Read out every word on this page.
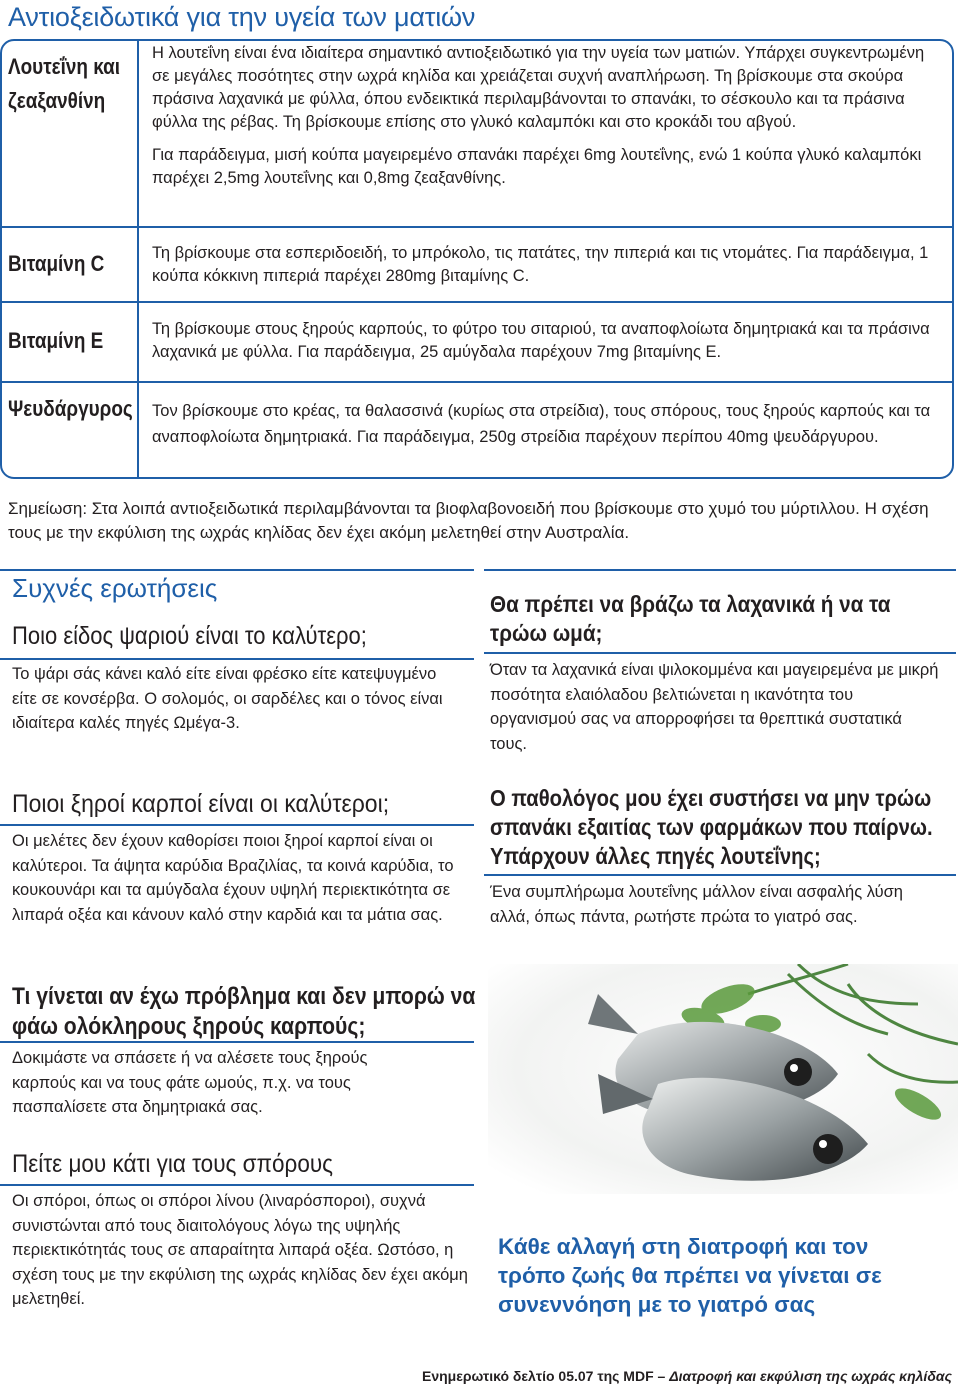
Αντιοξειδωτικά για την υγεία των ματιών
Λουτεΐνη και
ζεαξανθίνη

Η λουτεΐνη είναι ένα ιδιαίτερα σημαντικό αντιοξειδωτικό για την υγεία των ματιών. Υπάρχει συγκεντρωμένη σε μεγάλες ποσότητες στην ωχρά κηλίδα και χρειάζεται συχνή αναπλήρωση. Τη βρίσκουμε στα σκούρα πράσινα λαχανικά με φύλλα, όπου ενδεικτικά περιλαμβάνονται το σπανάκι, το σέσκουλο και τα πράσινα φύλλα της ρέβας. Τη βρίσκουμε επίσης στο γλυκό καλαμπόκι και στο κροκάδι του αβγού.

Για παράδειγμα, μισή κούπα μαγειρεμένο σπανάκι παρέχει 6mg λουτεΐνης, ενώ 1 κούπα γλυκό καλαμπόκι παρέχει 2,5mg λουτεΐνης και 0,8mg ζεαξανθίνης.

Βιταμίνη C	Τη βρίσκουμε στα εσπεριδοειδή, το μπρόκολο, τις πατάτες, την πιπεριά και τις ντομάτες. Για παράδειγμα, 1 κούπα κόκκινη πιπεριά παρέχει 280mg βιταμίνης C.

Βιταμίνη Ε	Τη βρίσκουμε στους ξηρούς καρπούς, το φύτρο του σιταριού, τα αναποφλοίωτα δημητριακά και τα πράσινα λαχανικά με φύλλα. Για παράδειγμα, 25 αμύγδαλα παρέχουν 7mg βιταμίνης Ε.

Ψευδάργυρος Τον βρίσκουμε στο κρέας, τα θαλασσινά (κυρίως στα στρείδια), τους σπόρους, τους ξηρούς καρπούς και τα αναποφλοίωτα δημητριακά. Για παράδειγμα, 250g στρείδια παρέχουν περίπου 40mg ψευδάργυρου.

Σημείωση: Στα λοιπά αντιοξειδωτικά περιλαμβάνονται τα βιοφλαβονοειδή που βρίσκουμε στο χυμό του μύρτιλλου. Η σχέση τους με την εκφύλιση της ωχράς κηλίδας δεν έχει ακόμη μελετηθεί στην Αυστραλία.
Συχνές ερωτήσεις
Ποιο είδος ψαριού είναι το καλύτερο;
Το ψάρι σάς κάνει καλό είτε είναι φρέσκο είτε κατεψυγμένο είτε σε κονσέρβα. Ο σολομός, οι σαρδέλες και ο τόνος είναι ιδιαίτερα καλές πηγές Ωμέγα-3.
Ποιοι ξηροί καρποί είναι οι καλύτεροι;
Οι μελέτες δεν έχουν καθορίσει ποιοι ξηροί καρποί είναι οι καλύτεροι. Τα άψητα καρύδια Βραζιλίας, τα κοινά καρύδια, το κουκουνάρι και τα αμύγδαλα έχουν υψηλή περιεκτικότητα σε λιπαρά οξέα και κάνουν καλό στην καρδιά και τα μάτια σας.
Τι γίνεται αν έχω πρόβλημα και δεν μπορώ να φάω ολόκληρους ξηρούς καρπούς;
Δοκιμάστε να σπάσετε ή να αλέσετε τους ξηρούς καρπούς και να τους φάτε ωμούς, π.χ. να τους πασπαλίσετε στα δημητριακά σας.
Πείτε μου κάτι για τους σπόρους
Οι σπόροι, όπως οι σπόροι λίνου (λιναρόσποροι), συχνά συνιστώνται από τους διαιτολόγους λόγω της υψηλής περιεκτικότητάς τους σε απαραίτητα λιπαρά οξέα. Ωστόσο, η σχέση τους με την εκφύλιση της ωχράς κηλίδας δεν έχει ακόμη μελετηθεί.
Θα πρέπει να βράζω τα λαχανικά ή να τα τρώω ωμά;
Όταν τα λαχανικά είναι ψιλοκομμένα και μαγειρεμένα με μικρή ποσότητα ελαιόλαδου βελτιώνεται η ικανότητα του οργανισμού σας να απορροφήσει τα θρεπτικά συστατικά τους.
Ο παθολόγος μου έχει συστήσει να μην τρώω σπανάκι εξαιτίας των φαρμάκων που παίρνω. Υπάρχουν άλλες πηγές λουτεΐνης;
Ένα συμπλήρωμα λουτεΐνης μάλλον είναι ασφαλής λύση αλλά, όπως πάντα, ρωτήστε πρώτα το γιατρό σας.
Κάθε αλλαγή στη διατροφή και τον τρόπο ζωής θα πρέπει να γίνεται σε συνεννόηση με το γιατρό σας
Ενημερωτικό δελτίο 05.07 της MDF – Διατροφή και εκφύλιση της ωχράς κηλίδας
